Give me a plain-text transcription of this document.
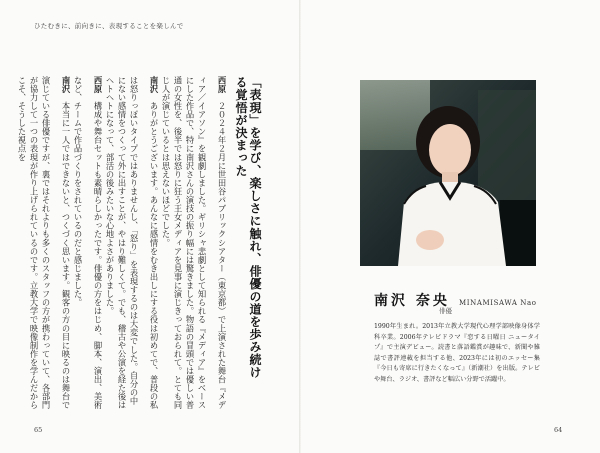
ひたむきに、前向きに、表現することを楽しんで
「表現」を学び、楽しさに触れ、俳優の道を歩み続ける覚悟が決まった

西原　２０２４年２月に世田谷パブリックシアター（東京都）で上演された舞台『メディア／イアソン』を観劇しました。ギリシャ悲劇として知られる『メディア』をベースにした作品で、特に南沢さんの演技の振り幅には驚きました。物語の冒頭では優しい普通の女性を、後半では怒りに狂う王女メディアを見事に演じきっておられて。とても同じ人が演じているとは思えないほどでした。

南沢　ありがとうございます。あんなに感情をむき出しにする役は初めてで、普段の私は怒りっぽいタイプではありませんし、「怒り」を表現するのは大変でした。自分の中にない感情をつくって外に出すことが、やはり難しくて。でも、稽古や公演を経た後はヘトヘトになって、部活の後みたいな心地よさがありました。

西原　構成や舞台セットも素晴らしかったです。俳優の方をはじめ、脚本、演出、美術など、チームで作品づくりをされているのだと感じました。

南沢　本当に一人ではできないと、つくづく思います。観客の方の目に映るのは舞台で演じている俳優ですが、裏ではそれよりも多くのスタッフの方が携わっていて、各部門が協力して一つの表現が作り上げられているのです。立教大学で映像制作を学んだからこそ、そうした視点を

南沢 奈央 MINAMISAWA Nao
俳優

1990年生まれ。2013年立教大学現代心理学部映像身体学科卒業。2006年テレビドラマ『恋する日曜日 ニュータイプ』で主演デビュー。読書と落語鑑賞が趣味で、新聞や雑誌で書評連載を担当する他、2023年には初のエッセー集『今日も寄席に行きたくなって』（新潮社）を出版。テレビや舞台、ラジオ、書評など幅広い分野で活躍中。

65	64
